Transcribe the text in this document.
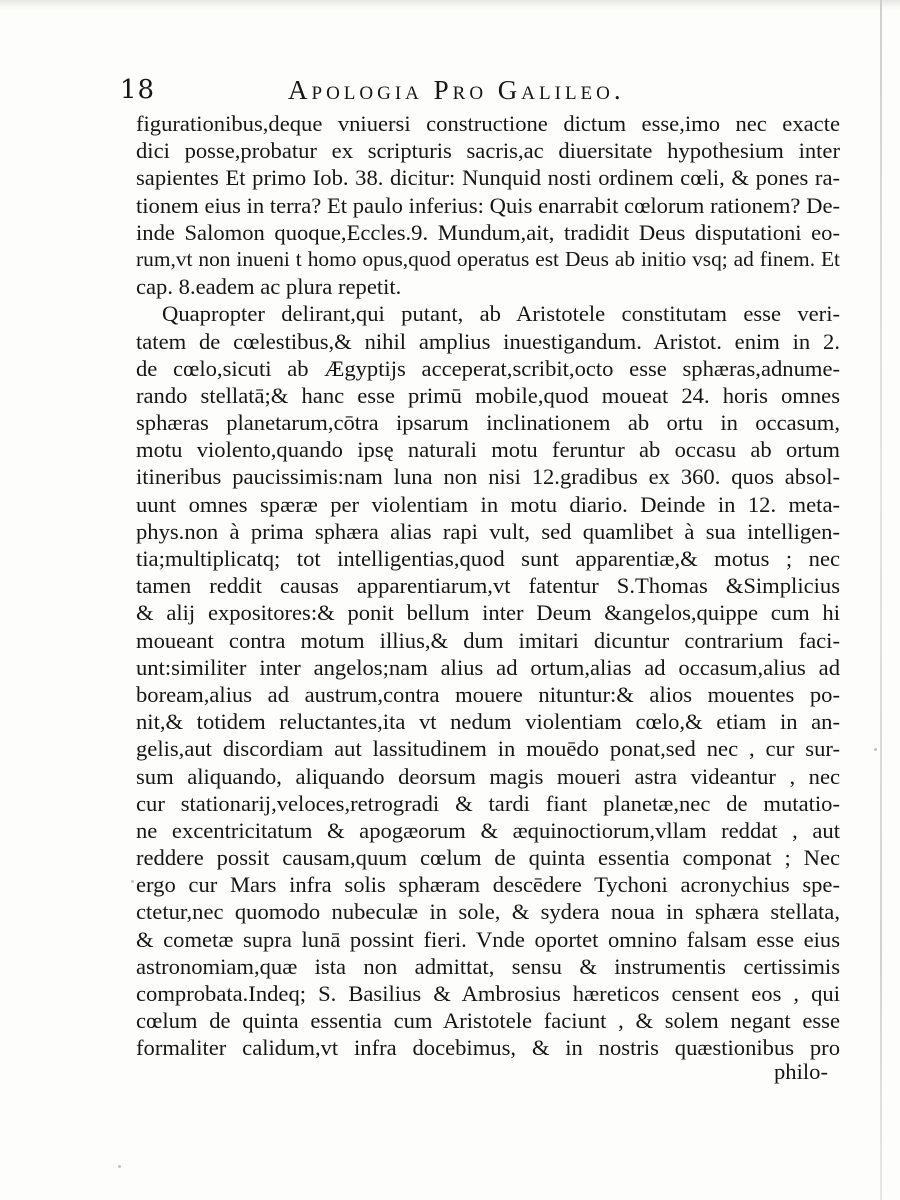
18	Apologia Pro Galileo.
figurationibus,deque vniuersi constructione dictum esse,imo nec exacte
dici posse,probatur ex scripturis sacris,ac diuersitate hypothesium inter
sapientes Et primo Iob. 38. dicitur: Nunquid nosti ordinem cœli, & pones ra-
tionem eius in terra? Et paulo inferius: Quis enarrabit cœlorum rationem? De-
inde Salomon quoque,Eccles.9. Mundum,ait, tradidit Deus disputationi eo-
rum,vt non inueni t homo opus,quod operatus est Deus ab initio vsq; ad finem. Et
cap. 8.eadem ac plura repetit.
Quapropter delirant,qui putant, ab Aristotele constitutam esse veri-
tatem de cœlestibus,& nihil amplius inuestigandum. Aristot. enim in 2.
de cœlo,sicuti ab Ægyptijs acceperat,scribit,octo esse sphæras,adnume-
rando stellatā;& hanc esse primū mobile,quod moueat 24. horis omnes
sphæras planetarum,cōtra ipsarum inclinationem ab ortu in occasum,
motu violento,quando ipsę naturali motu feruntur ab occasu ab ortum
itineribus paucissimis:nam luna non nisi 12.gradibus ex 360. quos absol-
uunt omnes spæræ per violentiam in motu diario. Deinde in 12. meta-
phys.non à prima sphæra alias rapi vult, sed quamlibet à sua intelligen-
tia;multiplicatq; tot intelligentias,quod sunt apparentiæ,& motus ; nec
tamen reddit causas apparentiarum,vt fatentur S.Thomas &Simplicius
& alij expositores:& ponit bellum inter Deum &angelos,quippe cum hi
moueant contra motum illius,& dum imitari dicuntur contrarium faci-
unt:similiter inter angelos;nam alius ad ortum,alias ad occasum,alius ad
boream,alius ad austrum,contra mouere nituntur:& alios mouentes po-
nit,& totidem reluctantes,ita vt nedum violentiam cœlo,& etiam in an-
gelis,aut discordiam aut lassitudinem in mouēdo ponat,sed nec , cur sur-
sum aliquando, aliquando deorsum magis moueri astra videantur , nec
cur stationarij,veloces,retrogradi & tardi fiant planetæ,nec de mutatio-
ne excentricitatum & apogæorum & æquinoctiorum,vllam reddat , aut
reddere possit causam,quum cœlum de quinta essentia componat ; Nec
ergo cur Mars infra solis sphæram descēdere Tychoni acronychius spe-
ctetur,nec quomodo nubeculæ in sole, & sydera noua in sphæra stellata,
& cometæ supra lunā possint fieri. Vnde oportet omnino falsam esse eius
astronomiam,quæ ista non admittat, sensu & instrumentis certissimis
comprobata.Indeq; S. Basilius & Ambrosius hæreticos censent eos , qui
cœlum de quinta essentia cum Aristotele faciunt , & solem negant esse
formaliter calidum,vt infra docebimus, & in nostris quæstionibus pro
philo-
